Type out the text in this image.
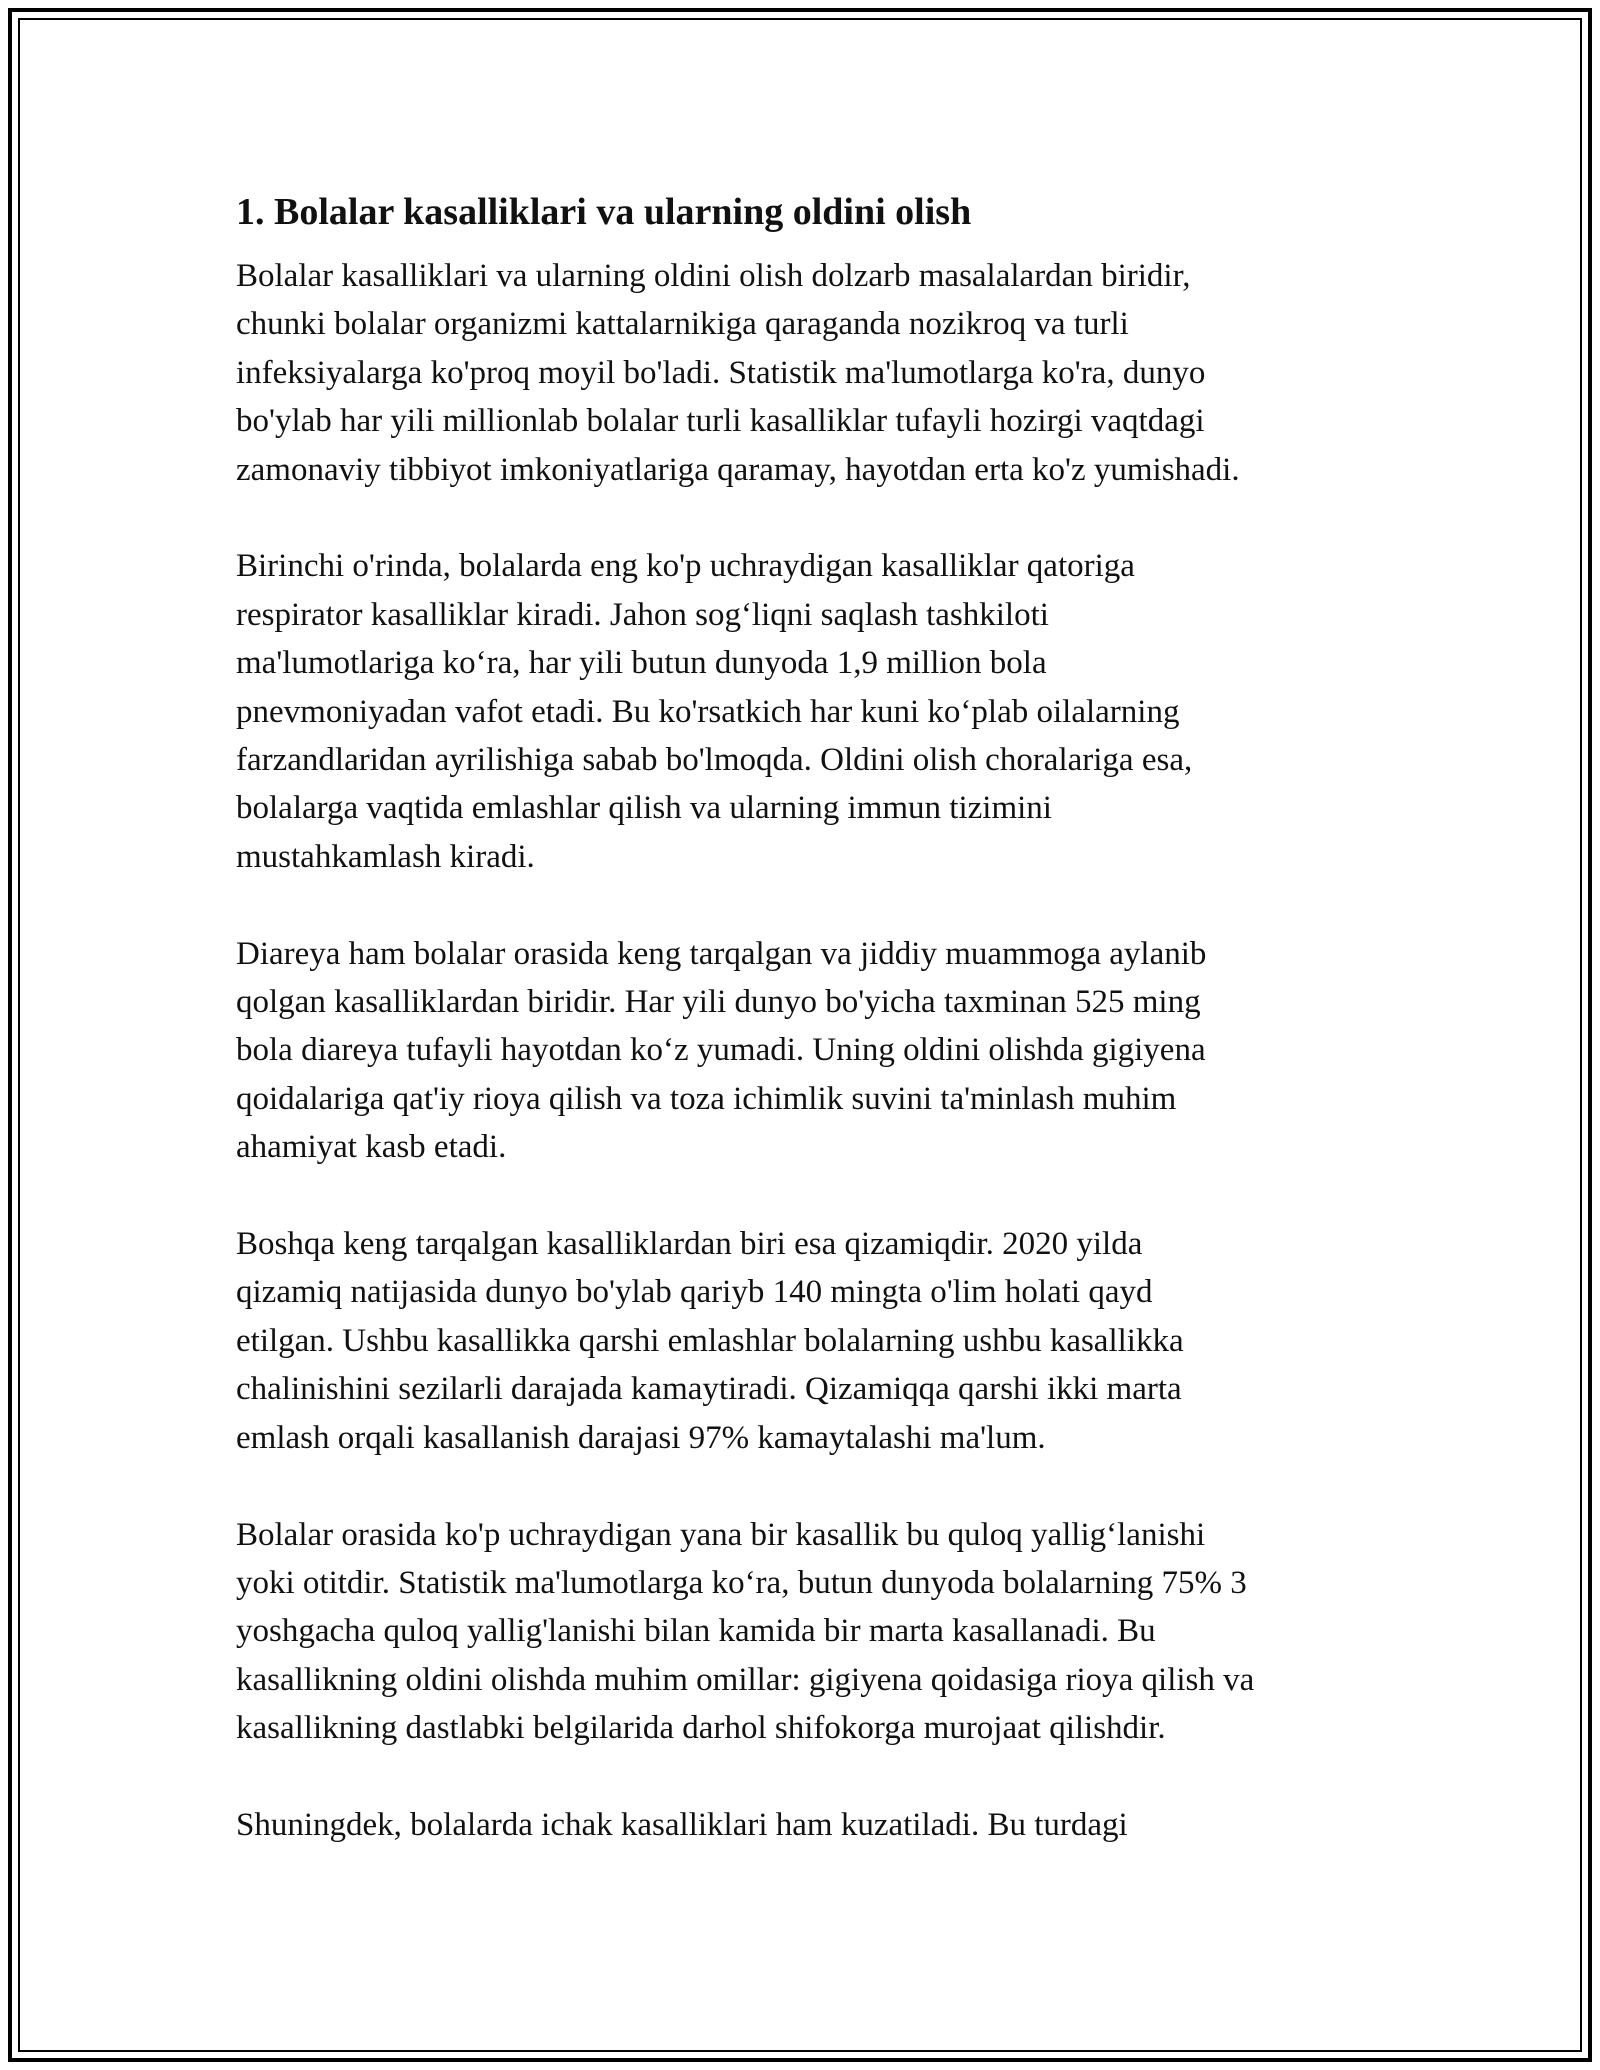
1. Bolalar kasalliklari va ularning oldini olish

Bolalar kasalliklari va ularning oldini olish dolzarb masalalardan biridir,
chunki bolalar organizmi kattalarnikiga qaraganda nozikroq va turli
infeksiyalarga ko'proq moyil bo'ladi. Statistik ma'lumotlarga ko'ra, dunyo
bo'ylab har yili millionlab bolalar turli kasalliklar tufayli hozirgi vaqtdagi
zamonaviy tibbiyot imkoniyatlariga qaramay, hayotdan erta ko'z yumishadi.

Birinchi o'rinda, bolalarda eng ko'p uchraydigan kasalliklar qatoriga
respirator kasalliklar kiradi. Jahon sog‘liqni saqlash tashkiloti
ma'lumotlariga ko‘ra, har yili butun dunyoda 1,9 million bola
pnevmoniyadan vafot etadi. Bu ko'rsatkich har kuni ko‘plab oilalarning
farzandlaridan ayrilishiga sabab bo'lmoqda. Oldini olish choralariga esa,
bolalarga vaqtida emlashlar qilish va ularning immun tizimini
mustahkamlash kiradi.

Diareya ham bolalar orasida keng tarqalgan va jiddiy muammoga aylanib
qolgan kasalliklardan biridir. Har yili dunyo bo'yicha taxminan 525 ming
bola diareya tufayli hayotdan ko‘z yumadi. Uning oldini olishda gigiyena
qoidalariga qat'iy rioya qilish va toza ichimlik suvini ta'minlash muhim
ahamiyat kasb etadi.

Boshqa keng tarqalgan kasalliklardan biri esa qizamiqdir. 2020 yilda
qizamiq natijasida dunyo bo'ylab qariyb 140 mingta o'lim holati qayd
etilgan. Ushbu kasallikka qarshi emlashlar bolalarning ushbu kasallikka
chalinishini sezilarli darajada kamaytiradi. Qizamiqqa qarshi ikki marta
emlash orqali kasallanish darajasi 97% kamaytalashi ma'lum.

Bolalar orasida ko'p uchraydigan yana bir kasallik bu quloq yallig‘lanishi
yoki otitdir. Statistik ma'lumotlarga ko‘ra, butun dunyoda bolalarning 75% 3
yoshgacha quloq yallig'lanishi bilan kamida bir marta kasallanadi. Bu
kasallikning oldini olishda muhim omillar: gigiyena qoidasiga rioya qilish va
kasallikning dastlabki belgilarida darhol shifokorga murojaat qilishdir.

Shuningdek, bolalarda ichak kasalliklari ham kuzatiladi. Bu turdagi
